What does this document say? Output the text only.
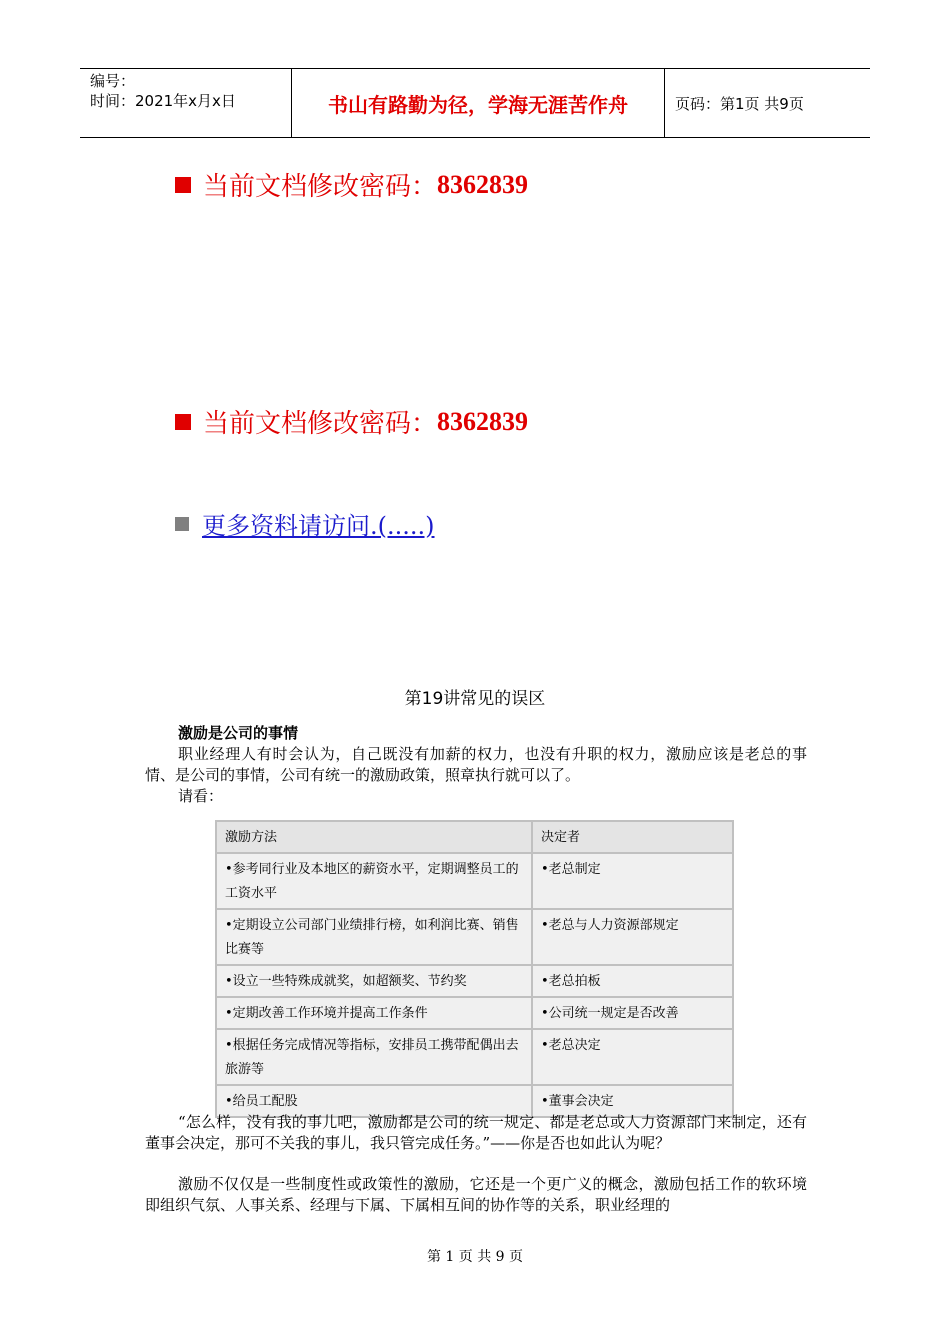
编号：
时间：2021年x月x日	书山有路勤为径，学海无涯苦作舟	页码：第1页 共9页
当前文档修改密码： 8362839
当前文档修改密码： 8362839
更多资料请访问.(.....)
第19讲常见的误区
激励是公司的事情

职业经理人有时会认为，自己既没有加薪的权力，也没有升职的权力，激励应该是老总的事情、是公司的事情，公司有统一的激励政策，照章执行就可以了。

请看：

激励方法	决定者
•参考同行业及本地区的薪资水平，定期调整员工的工资水平	•老总制定
•定期设立公司部门业绩排行榜，如利润比赛、销售比赛等	•老总与人力资源部规定
•设立一些特殊成就奖，如超额奖、节约奖	•老总拍板
•定期改善工作环境并提高工作条件	•公司统一规定是否改善
•根据任务完成情况等指标，安排员工携带配偶出去旅游等	•老总决定
•给员工配股	•董事会决定

“怎么样，没有我的事儿吧，激励都是公司的统一规定、都是老总或人力资源部门来制定，还有董事会决定，那可不关我的事儿，我只管完成任务。”——你是否也如此认为呢？

激励不仅仅是一些制度性或政策性的激励，它还是一个更广义的概念，激励包括工作的软环境即组织气氛、人事关系、经理与下属、下属相互间的协作等的关系，职业经理的

第 1 页 共 9 页
